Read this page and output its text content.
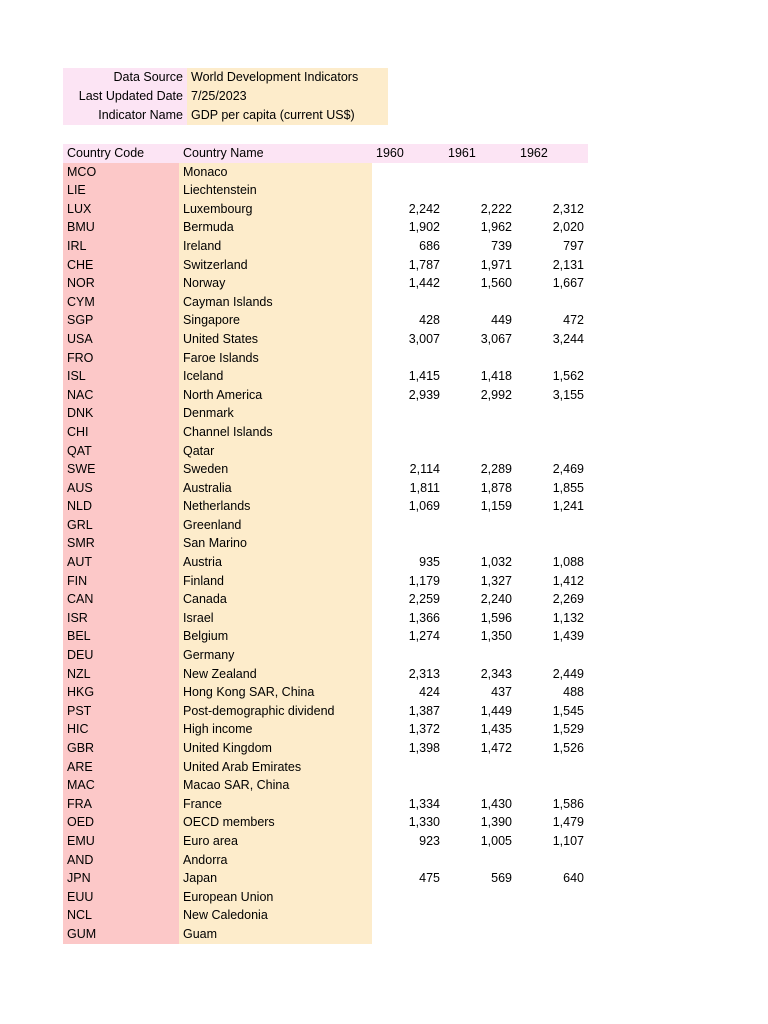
Data Source	World Development Indicators
Last Updated Date	7/25/2023
Indicator Name	GDP per capita (current US$)
Country Code	Country Name	1960	1961	1962
MCO	Monaco			
LIE	Liechtenstein			
LUX	Luxembourg	2,242	2,222	2,312
BMU	Bermuda	1,902	1,962	2,020
IRL	Ireland	686	739	797
CHE	Switzerland	1,787	1,971	2,131
NOR	Norway	1,442	1,560	1,667
CYM	Cayman Islands			
SGP	Singapore	428	449	472
USA	United States	3,007	3,067	3,244
FRO	Faroe Islands			
ISL	Iceland	1,415	1,418	1,562
NAC	North America	2,939	2,992	3,155
DNK	Denmark			
CHI	Channel Islands			
QAT	Qatar			
SWE	Sweden	2,114	2,289	2,469
AUS	Australia	1,811	1,878	1,855
NLD	Netherlands	1,069	1,159	1,241
GRL	Greenland			
SMR	San Marino			
AUT	Austria	935	1,032	1,088
FIN	Finland	1,179	1,327	1,412
CAN	Canada	2,259	2,240	2,269
ISR	Israel	1,366	1,596	1,132
BEL	Belgium	1,274	1,350	1,439
DEU	Germany			
NZL	New Zealand	2,313	2,343	2,449
HKG	Hong Kong SAR, China	424	437	488
PST	Post-demographic dividend	1,387	1,449	1,545
HIC	High income	1,372	1,435	1,529
GBR	United Kingdom	1,398	1,472	1,526
ARE	United Arab Emirates			
MAC	Macao SAR, China			
FRA	France	1,334	1,430	1,586
OED	OECD members	1,330	1,390	1,479
EMU	Euro area	923	1,005	1,107
AND	Andorra			
JPN	Japan	475	569	640
EUU	European Union			
NCL	New Caledonia			
GUM	Guam			
